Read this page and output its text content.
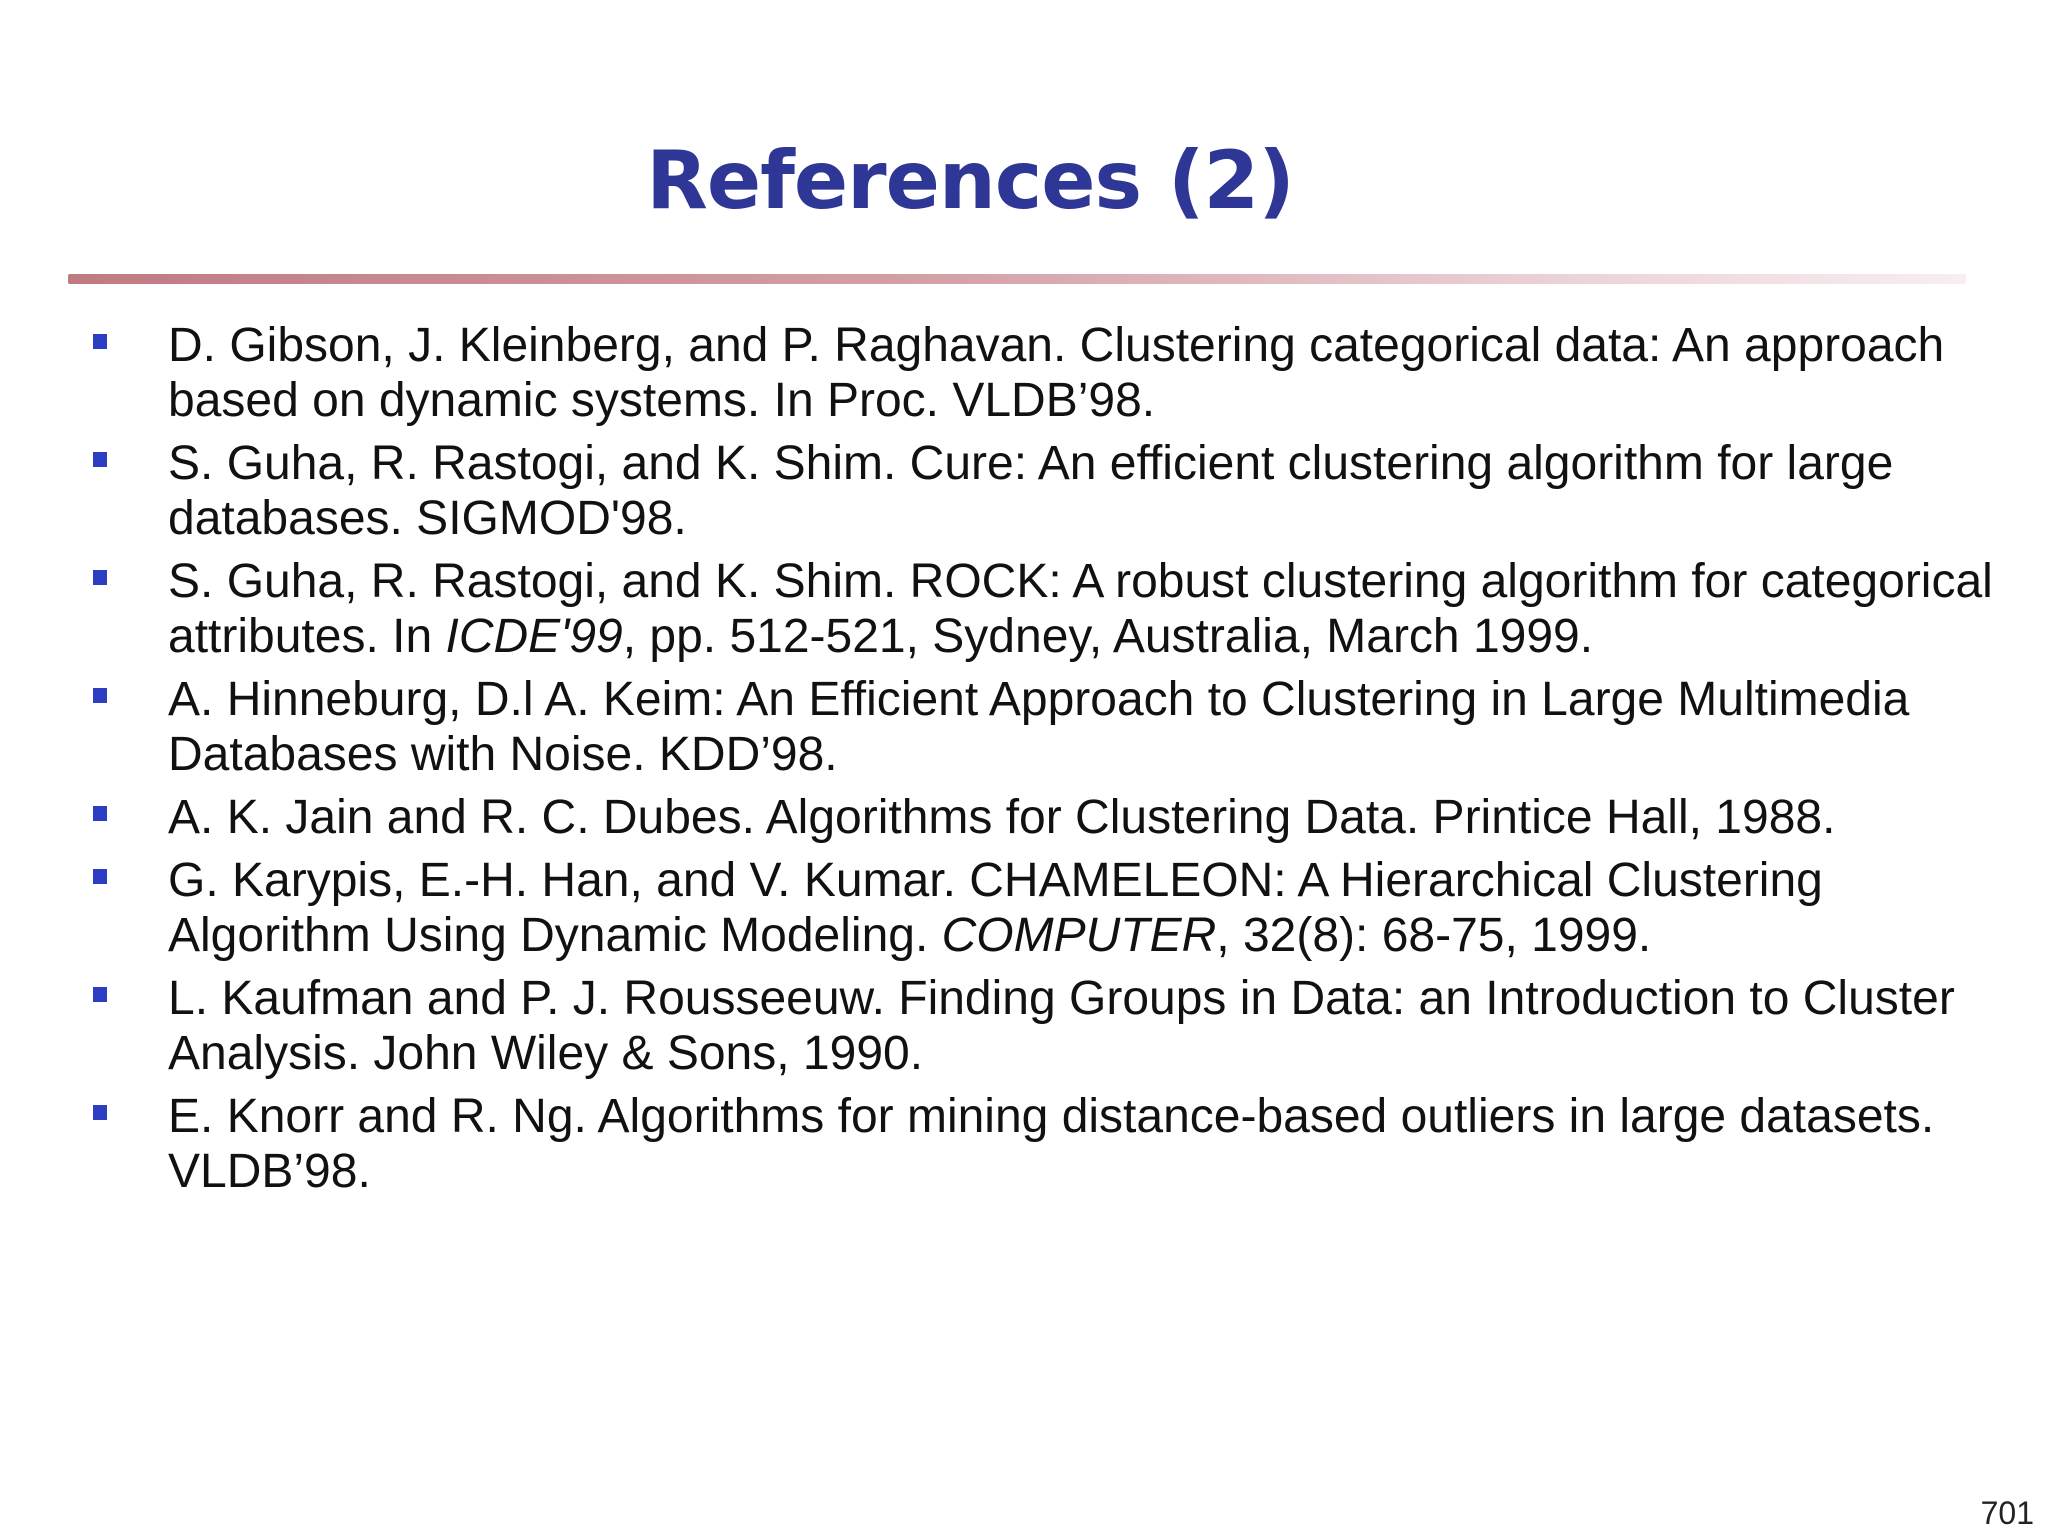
References (2)
D. Gibson, J. Kleinberg, and P. Raghavan. Clustering categorical data: An approach based on dynamic systems. In Proc. VLDB’98.
S. Guha, R. Rastogi, and K. Shim. Cure: An efficient clustering algorithm for large databases. SIGMOD'98.
S. Guha, R. Rastogi, and K. Shim. ROCK: A robust clustering algorithm for categorical attributes. In ICDE'99, pp. 512-521, Sydney, Australia, March 1999.
A. Hinneburg, D.l A. Keim: An Efficient Approach to Clustering in Large Multimedia Databases with Noise. KDD’98.
A. K. Jain and R. C. Dubes. Algorithms for Clustering Data. Printice Hall, 1988.
G. Karypis, E.-H. Han, and V. Kumar. CHAMELEON: A Hierarchical Clustering Algorithm Using Dynamic Modeling. COMPUTER, 32(8): 68-75, 1999.
L. Kaufman and P. J. Rousseeuw. Finding Groups in Data: an Introduction to Cluster Analysis. John Wiley & Sons, 1990.
E. Knorr and R. Ng. Algorithms for mining distance-based outliers in large datasets. VLDB’98.
701
